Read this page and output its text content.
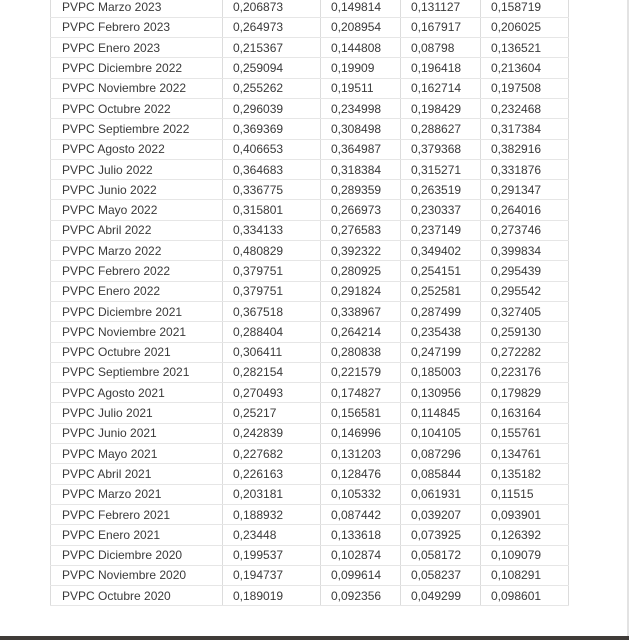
PVPC Marzo 2023	0,206873	0,149814	0,131127	0,158719
PVPC Febrero 2023	0,264973	0,208954	0,167917	0,206025
PVPC Enero 2023	0,215367	0,144808	0,08798	0,136521
PVPC Diciembre 2022	0,259094	0,19909	0,196418	0,213604
PVPC Noviembre 2022	0,255262	0,19511	0,162714	0,197508
PVPC Octubre 2022	0,296039	0,234998	0,198429	0,232468
PVPC Septiembre 2022	0,369369	0,308498	0,288627	0,317384
PVPC Agosto 2022	0,406653	0,364987	0,379368	0,382916
PVPC Julio 2022	0,364683	0,318384	0,315271	0,331876
PVPC Junio 2022	0,336775	0,289359	0,263519	0,291347
PVPC Mayo 2022	0,315801	0,266973	0,230337	0,264016
PVPC Abril 2022	0,334133	0,276583	0,237149	0,273746
PVPC Marzo 2022	0,480829	0,392322	0,349402	0,399834
PVPC Febrero 2022	0,379751	0,280925	0,254151	0,295439
PVPC Enero 2022	0,379751	0,291824	0,252581	0,295542
PVPC Diciembre 2021	0,367518	0,338967	0,287499	0,327405
PVPC Noviembre 2021	0,288404	0,264214	0,235438	0,259130
PVPC Octubre 2021	0,306411	0,280838	0,247199	0,272282
PVPC Septiembre 2021	0,282154	0,221579	0,185003	0,223176
PVPC Agosto 2021	0,270493	0,174827	0,130956	0,179829
PVPC Julio 2021	0,25217	0,156581	0,114845	0,163164
PVPC Junio 2021	0,242839	0,146996	0,104105	0,155761
PVPC Mayo 2021	0,227682	0,131203	0,087296	0,134761
PVPC Abril 2021	0,226163	0,128476	0,085844	0,135182
PVPC Marzo 2021	0,203181	0,105332	0,061931	0,11515
PVPC Febrero 2021	0,188932	0,087442	0,039207	0,093901
PVPC Enero 2021	0,23448	0,133618	0,073925	0,126392
PVPC Diciembre 2020	0,199537	0,102874	0,058172	0,109079
PVPC Noviembre 2020	0,194737	0,099614	0,058237	0,108291
PVPC Octubre 2020	0,189019	0,092356	0,049299	0,098601
